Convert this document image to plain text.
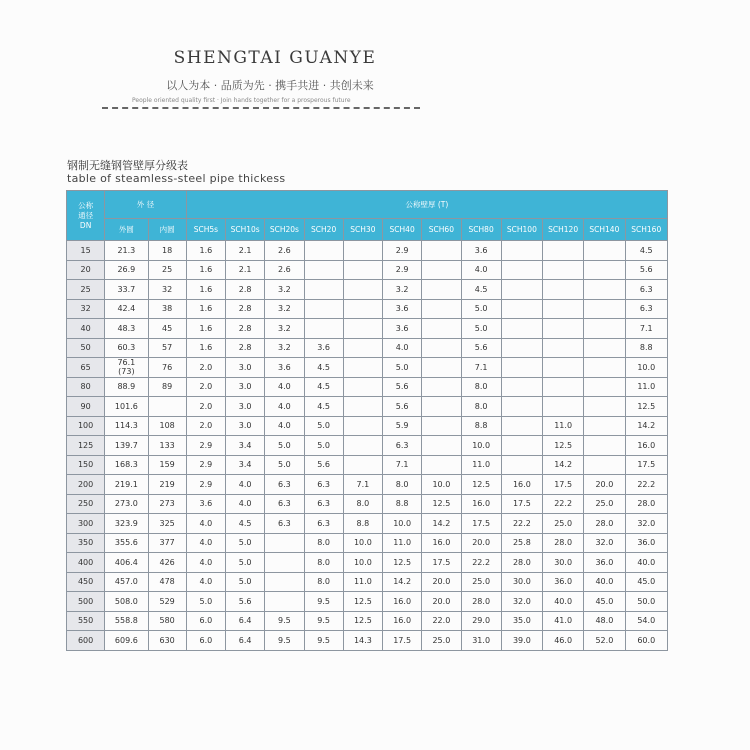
SHENGTAI GUANYE
以人为本 · 品质为先 · 携手共进 · 共创未来
People oriented quality first · Join hands together for a prosperous future
钢制无缝钢管壁厚分级表
table of steamless-steel pipe thickess
公称
通径
DN	外 径		公称壁厚 (T)											
	外圆	内圆	SCH5s	SCH10s	SCH20s	SCH20	SCH30	SCH40	SCH60	SCH80	SCH100	SCH120	SCH140	SCH160
15	21.3	18	1.6	2.1	2.6			2.9		3.6				4.5
20	26.9	25	1.6	2.1	2.6			2.9		4.0				5.6
25	33.7	32	1.6	2.8	3.2			3.2		4.5				6.3
32	42.4	38	1.6	2.8	3.2			3.6		5.0				6.3
40	48.3	45	1.6	2.8	3.2			3.6		5.0				7.1
50	60.3	57	1.6	2.8	3.2	3.6		4.0		5.6				8.8
65	76.1
(73)	76	2.0	3.0	3.6	4.5		5.0		7.1				10.0
80	88.9	89	2.0	3.0	4.0	4.5		5.6		8.0				11.0
90	101.6		2.0	3.0	4.0	4.5		5.6		8.0				12.5
100	114.3	108	2.0	3.0	4.0	5.0		5.9		8.8		11.0		14.2
125	139.7	133	2.9	3.4	5.0	5.0		6.3		10.0		12.5		16.0
150	168.3	159	2.9	3.4	5.0	5.6		7.1		11.0		14.2		17.5
200	219.1	219	2.9	4.0	6.3	6.3	7.1	8.0	10.0	12.5	16.0	17.5	20.0	22.2
250	273.0	273	3.6	4.0	6.3	6.3	8.0	8.8	12.5	16.0	17.5	22.2	25.0	28.0
300	323.9	325	4.0	4.5	6.3	6.3	8.8	10.0	14.2	17.5	22.2	25.0	28.0	32.0
350	355.6	377	4.0	5.0		8.0	10.0	11.0	16.0	20.0	25.8	28.0	32.0	36.0
400	406.4	426	4.0	5.0		8.0	10.0	12.5	17.5	22.2	28.0	30.0	36.0	40.0
450	457.0	478	4.0	5.0		8.0	11.0	14.2	20.0	25.0	30.0	36.0	40.0	45.0
500	508.0	529	5.0	5.6		9.5	12.5	16.0	20.0	28.0	32.0	40.0	45.0	50.0
550	558.8	580	6.0	6.4	9.5	9.5	12.5	16.0	22.0	29.0	35.0	41.0	48.0	54.0
600	609.6	630	6.0	6.4	9.5	9.5	14.3	17.5	25.0	31.0	39.0	46.0	52.0	60.0
